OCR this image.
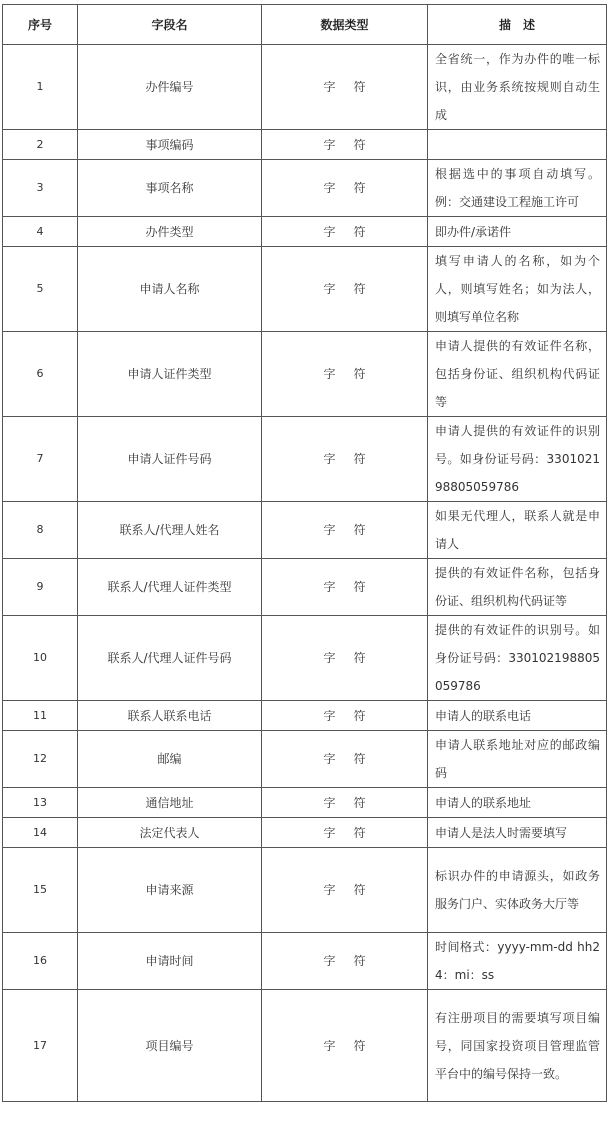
序号	字段名	数据类型	描　述
1	办件编号	字符	全省统一，作为办件的唯一标识，由业务系统按规则自动生成
2	事项编码	字符	
3	事项名称	字符	根据选中的事项自动填写。例：交通建设工程施工许可
4	办件类型	字符	即办件/承诺件
5	申请人名称	字符	填写申请人的名称，如为个人，则填写姓名；如为法人，则填写单位名称
6	申请人证件类型	字符	申请人提供的有效证件名称，包括身份证、组织机构代码证等
7	申请人证件号码	字符	申请人提供的有效证件的识别号。如身份证号码：330102198805059786
8	联系人/代理人姓名	字符	如果无代理人，联系人就是申请人
9	联系人/代理人证件类型	字符	提供的有效证件名称，包括身份证、组织机构代码证等
10	联系人/代理人证件号码	字符	提供的有效证件的识别号。如身份证号码：330102198805059786
11	联系人联系电话	字符	申请人的联系电话
12	邮编	字符	申请人联系地址对应的邮政编码
13	通信地址	字符	申请人的联系地址
14	法定代表人	字符	申请人是法人时需要填写
15	申请来源	字符	标识办件的申请源头，如政务服务门户、实体政务大厅等
16	申请时间	字符	时间格式：yyyy-mm-dd hh24：mi：ss
17	项目编号	字符	有注册项目的需要填写项目编号，同国家投资项目管理监管平台中的编号保持一致。
